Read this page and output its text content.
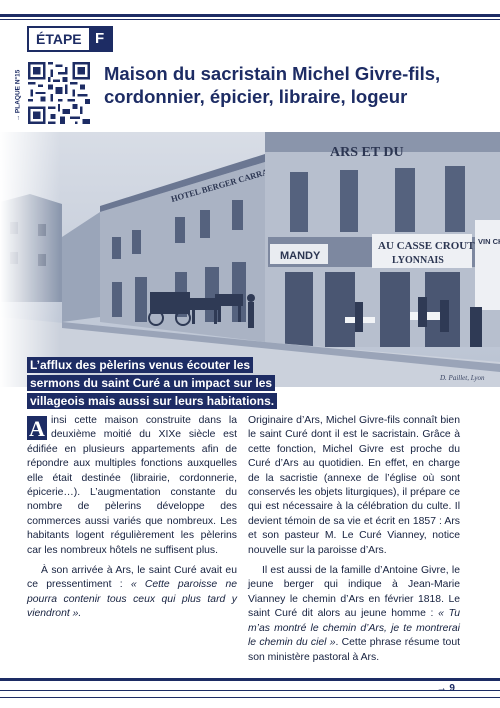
ÉTAPE F
→ PLAQUE N°15	Maison du sacristain Michel Givre-fils, cordonnier, épicier, libraire, logeur
L’afflux des pèlerins venus écouter les sermons du saint Curé a un impact sur les villageois mais aussi sur leurs habitations.

A insi cette maison construite dans la deuxième moitié du XIXe siècle est édifiée en plusieurs appartements afin de répondre aux multiples fonctions auxquelles elle était destinée (librairie, cordonnerie, épicerie…). L’augmentation constante du nombre de pèlerins développe des commerces aussi variés que nombreux. Les habitants logent régulièrement les pèlerins car les nombreux hôtels ne suffisent plus.

À son arrivée à Ars, le saint Curé avait eu ce pressentiment : « Cette paroisse ne pourra contenir tous ceux qui plus tard y viendront ».

Originaire d’Ars, Michel Givre-fils connaît bien le saint Curé dont il est le sacristain. Grâce à cette fonction, Michel Givre est proche du Curé d’Ars au quotidien. En effet, en charge de la sacristie (annexe de l’église où sont conservés les objets liturgiques), il prépare ce qui est nécessaire à la célébration du culte. Il devient témoin de sa vie et écrit en 1857 : Ars et son pasteur M. Le Curé Vianney, notice nouvelle sur la paroisse d’Ars.

Il est aussi de la famille d’Antoine Givre, le jeune berger qui indique à Jean-Marie Vianney le chemin d’Ars en février 1818. Le saint Curé dit alors au jeune homme : « Tu m’as montré le chemin d’Ars, je te montrerai le chemin du ciel ». Cette phrase résume tout son ministère pastoral à Ars.

→ 9
